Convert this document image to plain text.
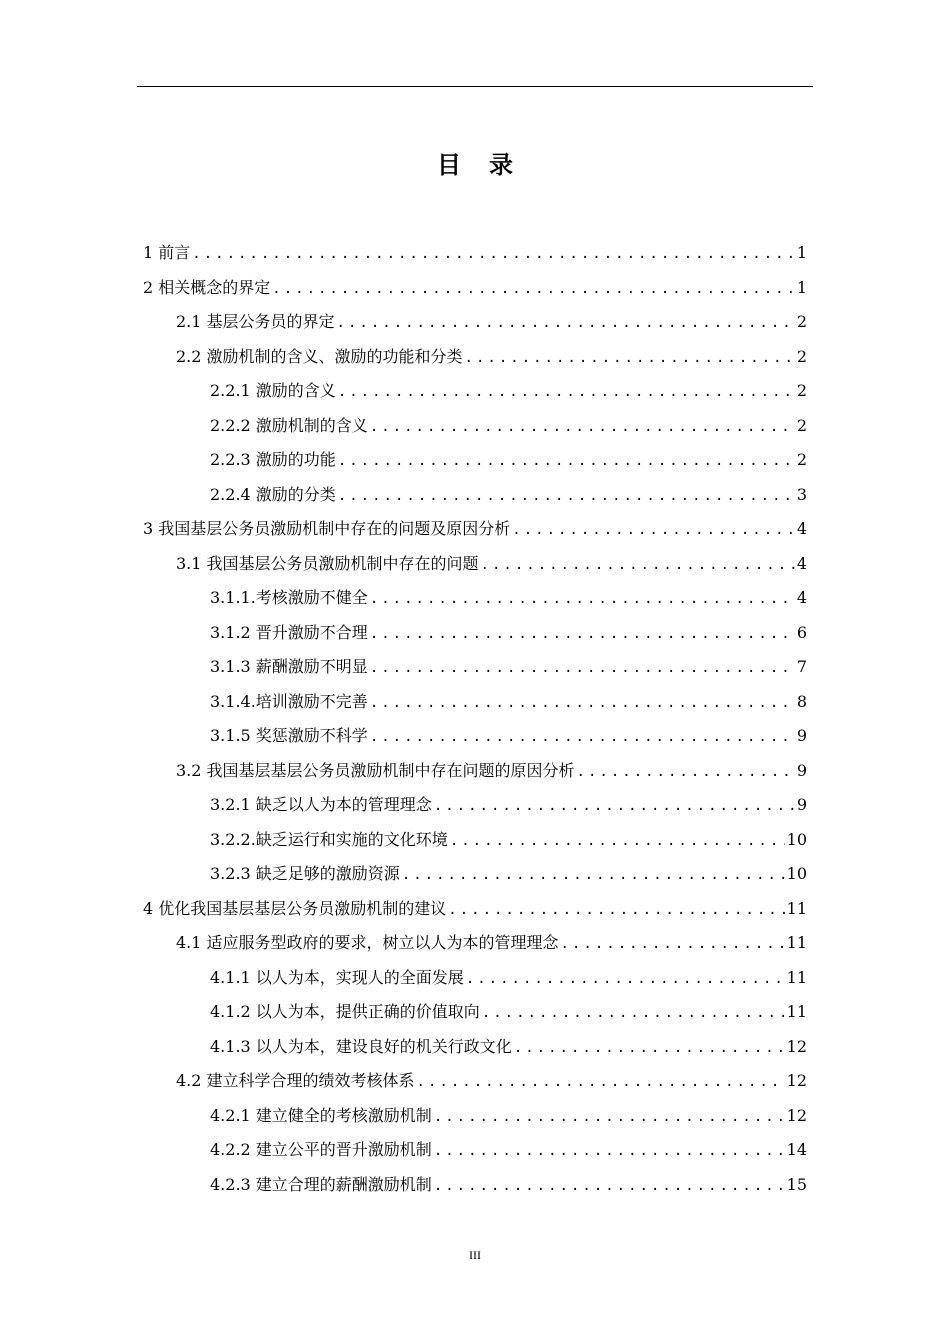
目录
1 前言 .....	1
2 相关概念的界定 .....	1
2.1 基层公务员的界定 .....	2
2.2 激励机制的含义、激励的功能和分类 .....	2
2.2.1 激励的含义 .....	2
2.2.2 激励机制的含义 .....	2
2.2.3 激励的功能 .....	2
2.2.4 激励的分类 .....	3
3 我国基层公务员激励机制中存在的问题及原因分析 .....	4
3.1 我国基层公务员激励机制中存在的问题 .....	4
3.1.1.考核激励不健全 .....	4
3.1.2 晋升激励不合理 .....	6
3.1.3 薪酬激励不明显 .....	7
3.1.4.培训激励不完善 .....	8
3.1.5 奖惩激励不科学 .....	9
3.2 我国基层基层公务员激励机制中存在问题的原因分析 .....	9
3.2.1 缺乏以人为本的管理理念 .....	9
3.2.2.缺乏运行和实施的文化环境 .....	10
3.2.3 缺乏足够的激励资源 .....	10
4 优化我国基层基层公务员激励机制的建议 .....	11
4.1 适应服务型政府的要求，树立以人为本的管理理念 .....	11
4.1.1 以人为本，实现人的全面发展 .....	11
4.1.2 以人为本，提供正确的价值取向 .....	11
4.1.3 以人为本，建设良好的机关行政文化 .....	12
4.2 建立科学合理的绩效考核体系 .....	12
4.2.1 建立健全的考核激励机制 .....	12
4.2.2 建立公平的晋升激励机制 .....	14
4.2.3 建立合理的薪酬激励机制 .....	15
III
